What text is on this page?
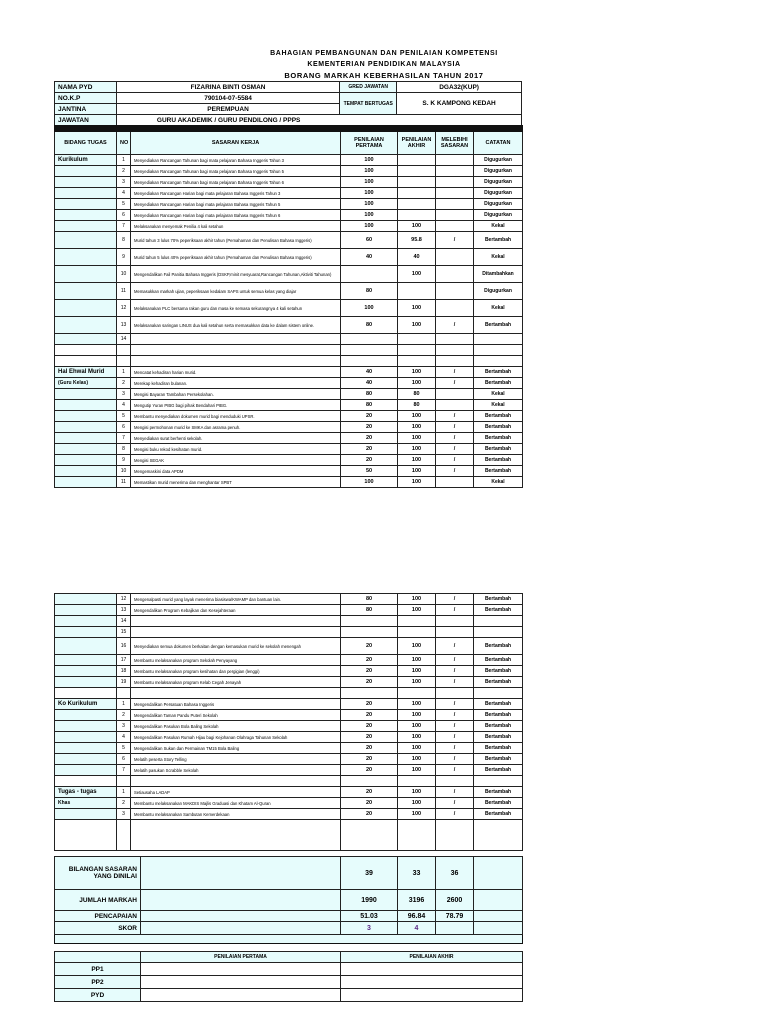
BAHAGIAN PEMBANGUNAN DAN PENILAIAN KOMPETENSI
KEMENTERIAN PENDIDIKAN MALAYSIA
BORANG MARKAH KEBERHASILAN TAHUN 2017
NAMA PYD	FIZARINA BINTI OSMAN	GRED JAWATAN	DGA32(KUP)
NO.K.P	790104-07-5584	TEMPAT BERTUGAS	S. K KAMPONG KEDAH
JANTINA	PEREMPUAN		
JAWATAN	GURU AKADEMIK / GURU PENDILONG / PPPS		

BIDANG TUGAS	NO	SASARAN KERJA	PENILAIAN PERTAMA	PENILAIAN AKHIR	MELEBIHI SASARAN	CATATAN
Kurikulum	1	Menyediakan Rancangan Tahunan bagi mata pelajaran Bahasa Inggeris Tahun 3	100			Digugurkan
	2	Menyediakan Rancangan Tahunan bagi mata pelajaran Bahasa Inggeris Tahun 5	100			Digugurkan
	3	Menyediakan Rancangan Tahunan bagi mata pelajaran Bahasa Inggeris Tahun 6	100			Digugurkan
	4	Menyediakan Rancangan Harian bagi mata pelajaran Bahasa Inggeris Tahun 3	100			Digugurkan
	5	Menyediakan Rancangan Harian bagi mata pelajaran Bahasa Inggeris Tahun 5	100			Digugurkan
	6	Menyediakan Rancangan Harian bagi mata pelajaran Bahasa Inggeris Tahun 6	100			Digugurkan
	7	Melaksanakan menyemak Penilia 4 kali setahun	100	100		Kekal
	8	Murid tahun 3 lulus 70% peperiksaan akhir tahun (Pemahaman dan Penulisan Bahasa Inggeris)	60	95.8	/	Bertambah
	9	Murid tahun 5 lulus 40% peperiksaan akhir tahun (Pemahaman dan Penulisan Bahasa Inggeris)	40	40		Kekal
	10	Mengendalikan Fail Panitia Bahasa Inggeris (DSKP,minit mesyuarat,Rancangan Tahunan,Aktiviti Tahunan)		100		Ditambahkan
	11	Memasukkan markah ujian, peperiksaan kedalam SAPS untuk semua kelas yang diajar	80			Digugurkan
	12	Melaksanakan PLC bersama rakan guru dan masa ke semasa sekurangnya 4 kali setahun	100	100		Kekal
	13	Melaksanakan saringan LINUS dua kali setahun serta memasukkan data ke dalam sistem online.	80	100	/	Bertambah
	14					

Hal Ehwal Murid	1	Mencatat kehadiran harian murid.	40	100	/	Bertambah
(Guru Kelas)	2	Merekap kehadiran bulanan.	40	100	/	Bertambah
	3	Mengisi Bayaran Tambahan Persekolahan.	80	80		Kekal
	4	Mengutip Yuran PIBG bagi pihak Bendahari PIBG.	80	80		Kekal
	5	Membantu menyediakan dokumen murid bagi menduduki UPSR.	20	100	/	Bertambah
	6	Mengisi permohonan murid ke SMKA dan asrama penuh.	20	100	/	Bertambah
	7	Menyediakan surat berhenti sekolah.	20	100	/	Bertambah
	8	Mengisi buku rekod kesihatan murid.	20	100	/	Bertambah
	9	Mengisi SEGAK	20	100	/	Bertambah
	10	Mengemaskini data APDM	50	100	/	Bertambah
	11	Memastikan murid menerima dan menghantar SPBT	100	100		Kekal
	12	Mengenalpasti murid yang layak menerima biasiswa/KWAMP dan bantuan lain.	80	100	/	Bertambah
	13	Mengendalikan Program Kebajikan dan Kesejahteraan	80	100	/	Bertambah
	14					
	15					
	16	Menyediakan semua dokumen berkaitan dengan kemasukan murid ke sekolah menengah	20	100	/	Bertambah
	17	Membantu melaksanakan program Sekolah Penyayang	20	100	/	Bertambah
	18	Membantu melaksanakan program kesihatan dan pergigian (lenggi)	20	100	/	Bertambah
	19	Membantu melaksanakan program Kelab Cegah Jenayah	20	100	/	Bertambah

Ko Kurikulum	1	Mengendalikan Persatuan Bahasa Inggeris	20	100	/	Bertambah
	2	Mengendalikan Taman Pandu Puteri Sekolah	20	100	/	Bertambah
	3	Mengendalikan Pasukan Bola Baling Sekolah	20	100	/	Bertambah
	4	Mengendalikan Pasukan Rumah Hijau bagi Kejohanan Olahraga Tahunan Sekolah	20	100	/	Bertambah
	5	Mengendalikan Sukan dan Permainan TM15 Bola Baling	20	100	/	Bertambah
	6	Melatih peserta Story Telling	20	100	/	Bertambah
	7	Melatih pasukan Scrabble Sekolah	20	100	/	Bertambah

Tugas - tugas	1	Setiausaha LADAP	20	100	/	Bertambah
Khas	2	Membantu melaksanakan MAKDIS Majlis Graduasi dan Khatam Al-Quran	20	100	/	Bertambah
	3	Membantu melaksanakan Sambutan Kemerdekaan	20	100	/	Bertambah

BILANGAN SASARAN YANG DINILAI		39	33	36	
JUMLAH MARKAH		1990	3196	2600	
PENCAPAIAN		51.03	96.84	78.79	
SKOR		3	4		

	PENILAIAN PERTAMA	PENILAIAN AKHIR
PP1		
PP2		
PYD		
